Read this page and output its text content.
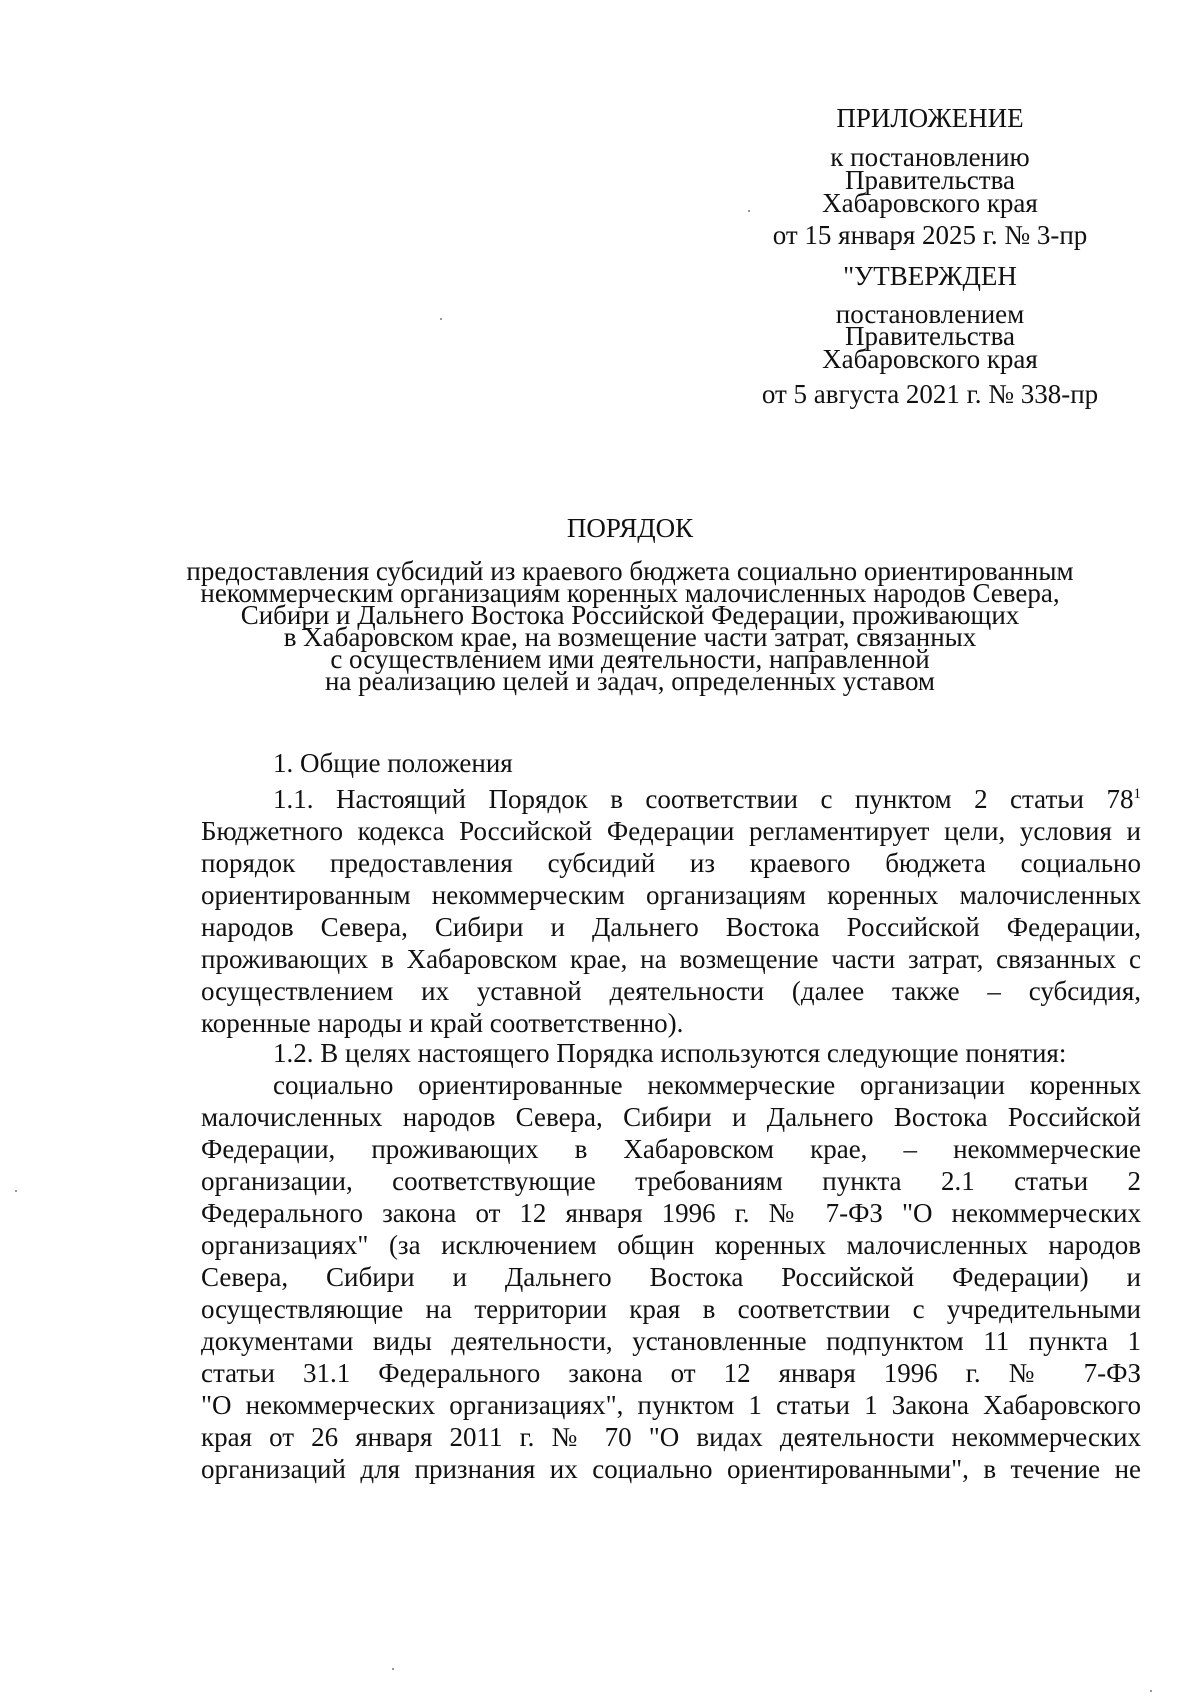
ПРИЛОЖЕНИЕ
к постановлению
Правительства
Хабаровского края
от 15 января 2025 г. № 3-пр
"УТВЕРЖДЕН
постановлением
Правительства
Хабаровского края
от 5 августа 2021 г. № 338-пр
ПОРЯДОК
предоставления субсидий из краевого бюджета социально ориентированным
некоммерческим организациям коренных малочисленных народов Севера,
Сибири и Дальнего Востока Российской Федерации, проживающих
в Хабаровском крае, на возмещение части затрат, связанных
с осуществлением ими деятельности, направленной
на реализацию целей и задач, определенных уставом
1. Общие положения
1.1. Настоящий Порядок в соответствии с пунктом 2 статьи $78^1$
Бюджетного кодекса Российской Федерации регламентирует цели, условия и
порядок предоставления субсидий из краевого бюджета социально
ориентированным некоммерческим организациям коренных малочисленных
народов Севера, Сибири и Дальнего Востока Российской Федерации,
проживающих в Хабаровском крае, на возмещение части затрат, связанных с
осуществлением их уставной деятельности (далее также – субсидия,
коренные народы и край соответственно).
1.2. В целях настоящего Порядка используются следующие понятия:
социально ориентированные некоммерческие организации коренных
малочисленных народов Севера, Сибири и Дальнего Востока Российской
Федерации, проживающих в Хабаровском крае, – некоммерческие
организации, соответствующие требованиям пункта 2.1 статьи 2
Федерального закона от 12 января 1996 г. № 7-ФЗ "О некоммерческих
организациях" (за исключением общин коренных малочисленных народов
Севера, Сибири и Дальнего Востока Российской Федерации) и
осуществляющие на территории края в соответствии с учредительными
документами виды деятельности, установленные подпунктом 11 пункта 1
статьи 31.1 Федерального закона от 12 января 1996 г. № 7-ФЗ
"О некоммерческих организациях", пунктом 1 статьи 1 Закона Хабаровского
края от 26 января 2011 г. № 70 "О видах деятельности некоммерческих
организаций для признания их социально ориентированными", в течение не
